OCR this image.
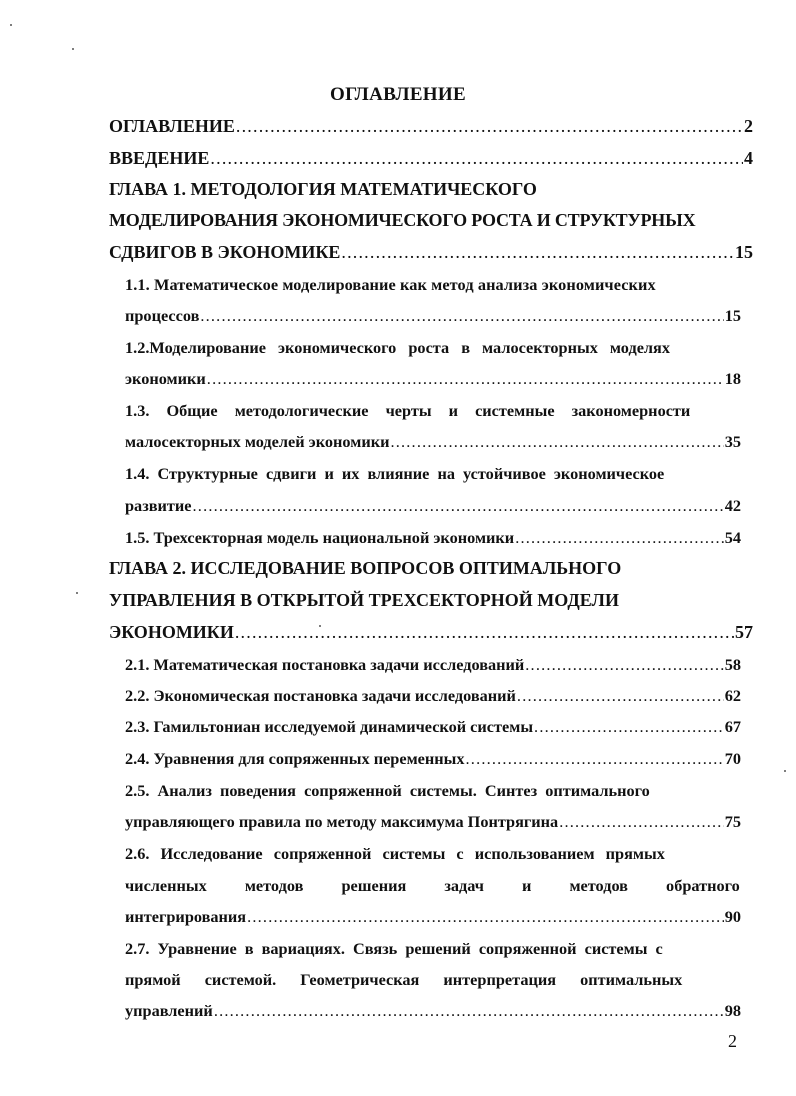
ОГЛАВЛЕНИЕ
ОГЛАВЛЕНИЕ .....	2
ВВЕДЕНИЕ .....	4
ГЛАВА 1. МЕТОДОЛОГИЯ МАТЕМАТИЧЕСКОГО
МОДЕЛИРОВАНИЯ ЭКОНОМИЧЕСКОГО РОСТА И СТРУКТУРНЫХ
СДВИГОВ В ЭКОНОМИКЕ .....	15
1.1. Математическое моделирование как метод анализа экономических
процессов .....	15
1.2.Моделирование экономического роста в малосекторных моделях
экономики .....	18
1.3. Общие методологические черты и системные закономерности
малосекторных моделей экономики .....	35
1.4. Структурные сдвиги и их влияние на устойчивое экономическое
развитие .....	42
1.5. Трехсекторная модель национальной экономики .....	54
ГЛАВА 2. ИССЛЕДОВАНИЕ ВОПРОСОВ ОПТИМАЛЬНОГО
УПРАВЛЕНИЯ В ОТКРЫТОЙ ТРЕХСЕКТОРНОЙ МОДЕЛИ
ЭКОНОМИКИ .....	57
2.1. Математическая постановка задачи исследований .....	58
2.2. Экономическая постановка задачи исследований .....	62
2.3. Гамильтониан исследуемой динамической системы .....	67
2.4. Уравнения для сопряженных переменных .....	70
2.5. Анализ поведения сопряженной системы. Синтез оптимального
управляющего правила по методу максимума Понтрягина .....	75
2.6. Исследование сопряженной системы с использованием прямых
численных методов решения задач и методов обратного
интегрирования .....	90
2.7. Уравнение в вариациях. Связь решений сопряженной системы с
прямой системой. Геометрическая интерпретация оптимальных
управлений .....	98
2
